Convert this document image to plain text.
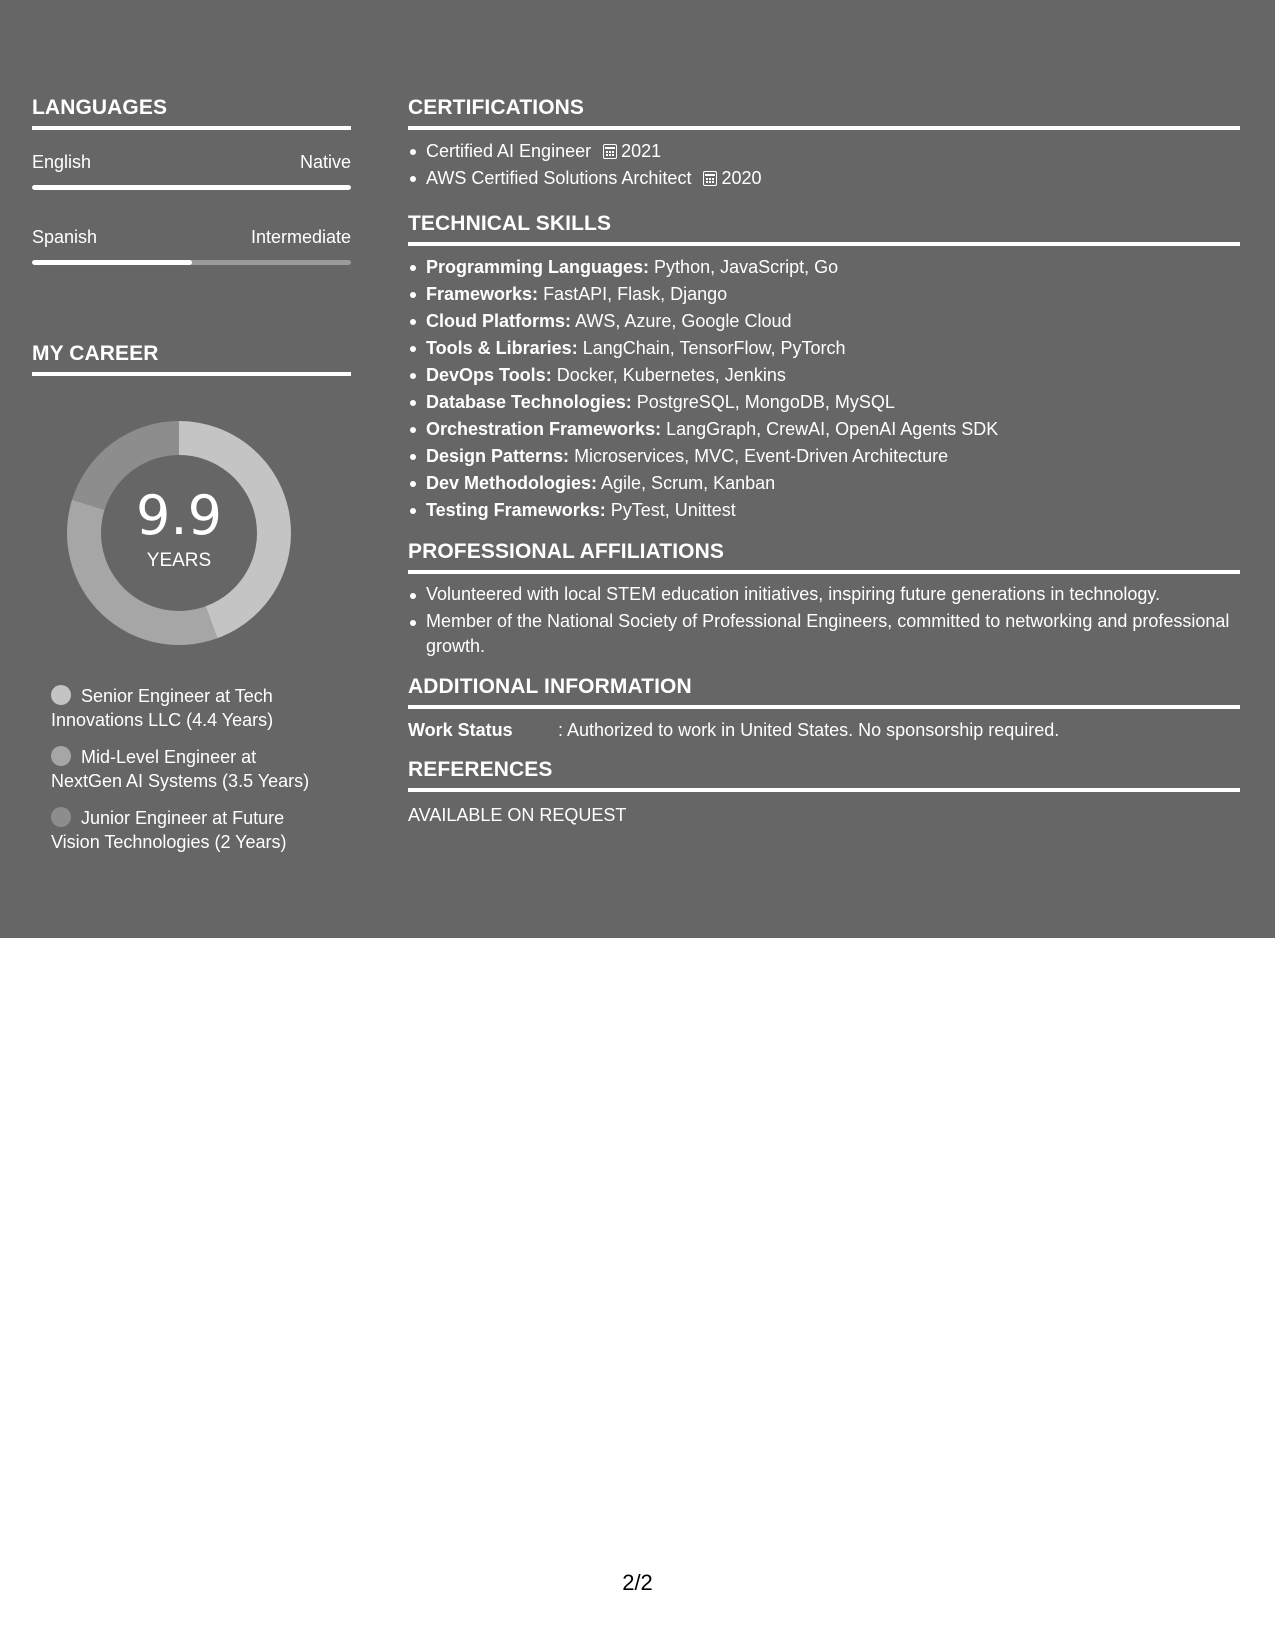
LANGUAGES
English	Native
Spanish	Intermediate
MY CAREER
9.9
YEARS
Senior Engineer at Tech Innovations LLC (4.4 Years)
Mid-Level Engineer at NextGen AI Systems (3.5 Years)
Junior Engineer at Future Vision Technologies (2 Years)
CERTIFICATIONS
Certified AI Engineer 2021
AWS Certified Solutions Architect 2020
TECHNICAL SKILLS
Programming Languages: Python, JavaScript, Go
Frameworks: FastAPI, Flask, Django
Cloud Platforms: AWS, Azure, Google Cloud
Tools & Libraries: LangChain, TensorFlow, PyTorch
DevOps Tools: Docker, Kubernetes, Jenkins
Database Technologies: PostgreSQL, MongoDB, MySQL
Orchestration Frameworks: LangGraph, CrewAI, OpenAI Agents SDK
Design Patterns: Microservices, MVC, Event-Driven Architecture
Dev Methodologies: Agile, Scrum, Kanban
Testing Frameworks: PyTest, Unittest
PROFESSIONAL AFFILIATIONS
Volunteered with local STEM education initiatives, inspiring future generations in technology.
Member of the National Society of Professional Engineers, committed to networking and professional growth.
ADDITIONAL INFORMATION
Work Status	: Authorized to work in United States. No sponsorship required.
REFERENCES
AVAILABLE ON REQUEST
2/2
